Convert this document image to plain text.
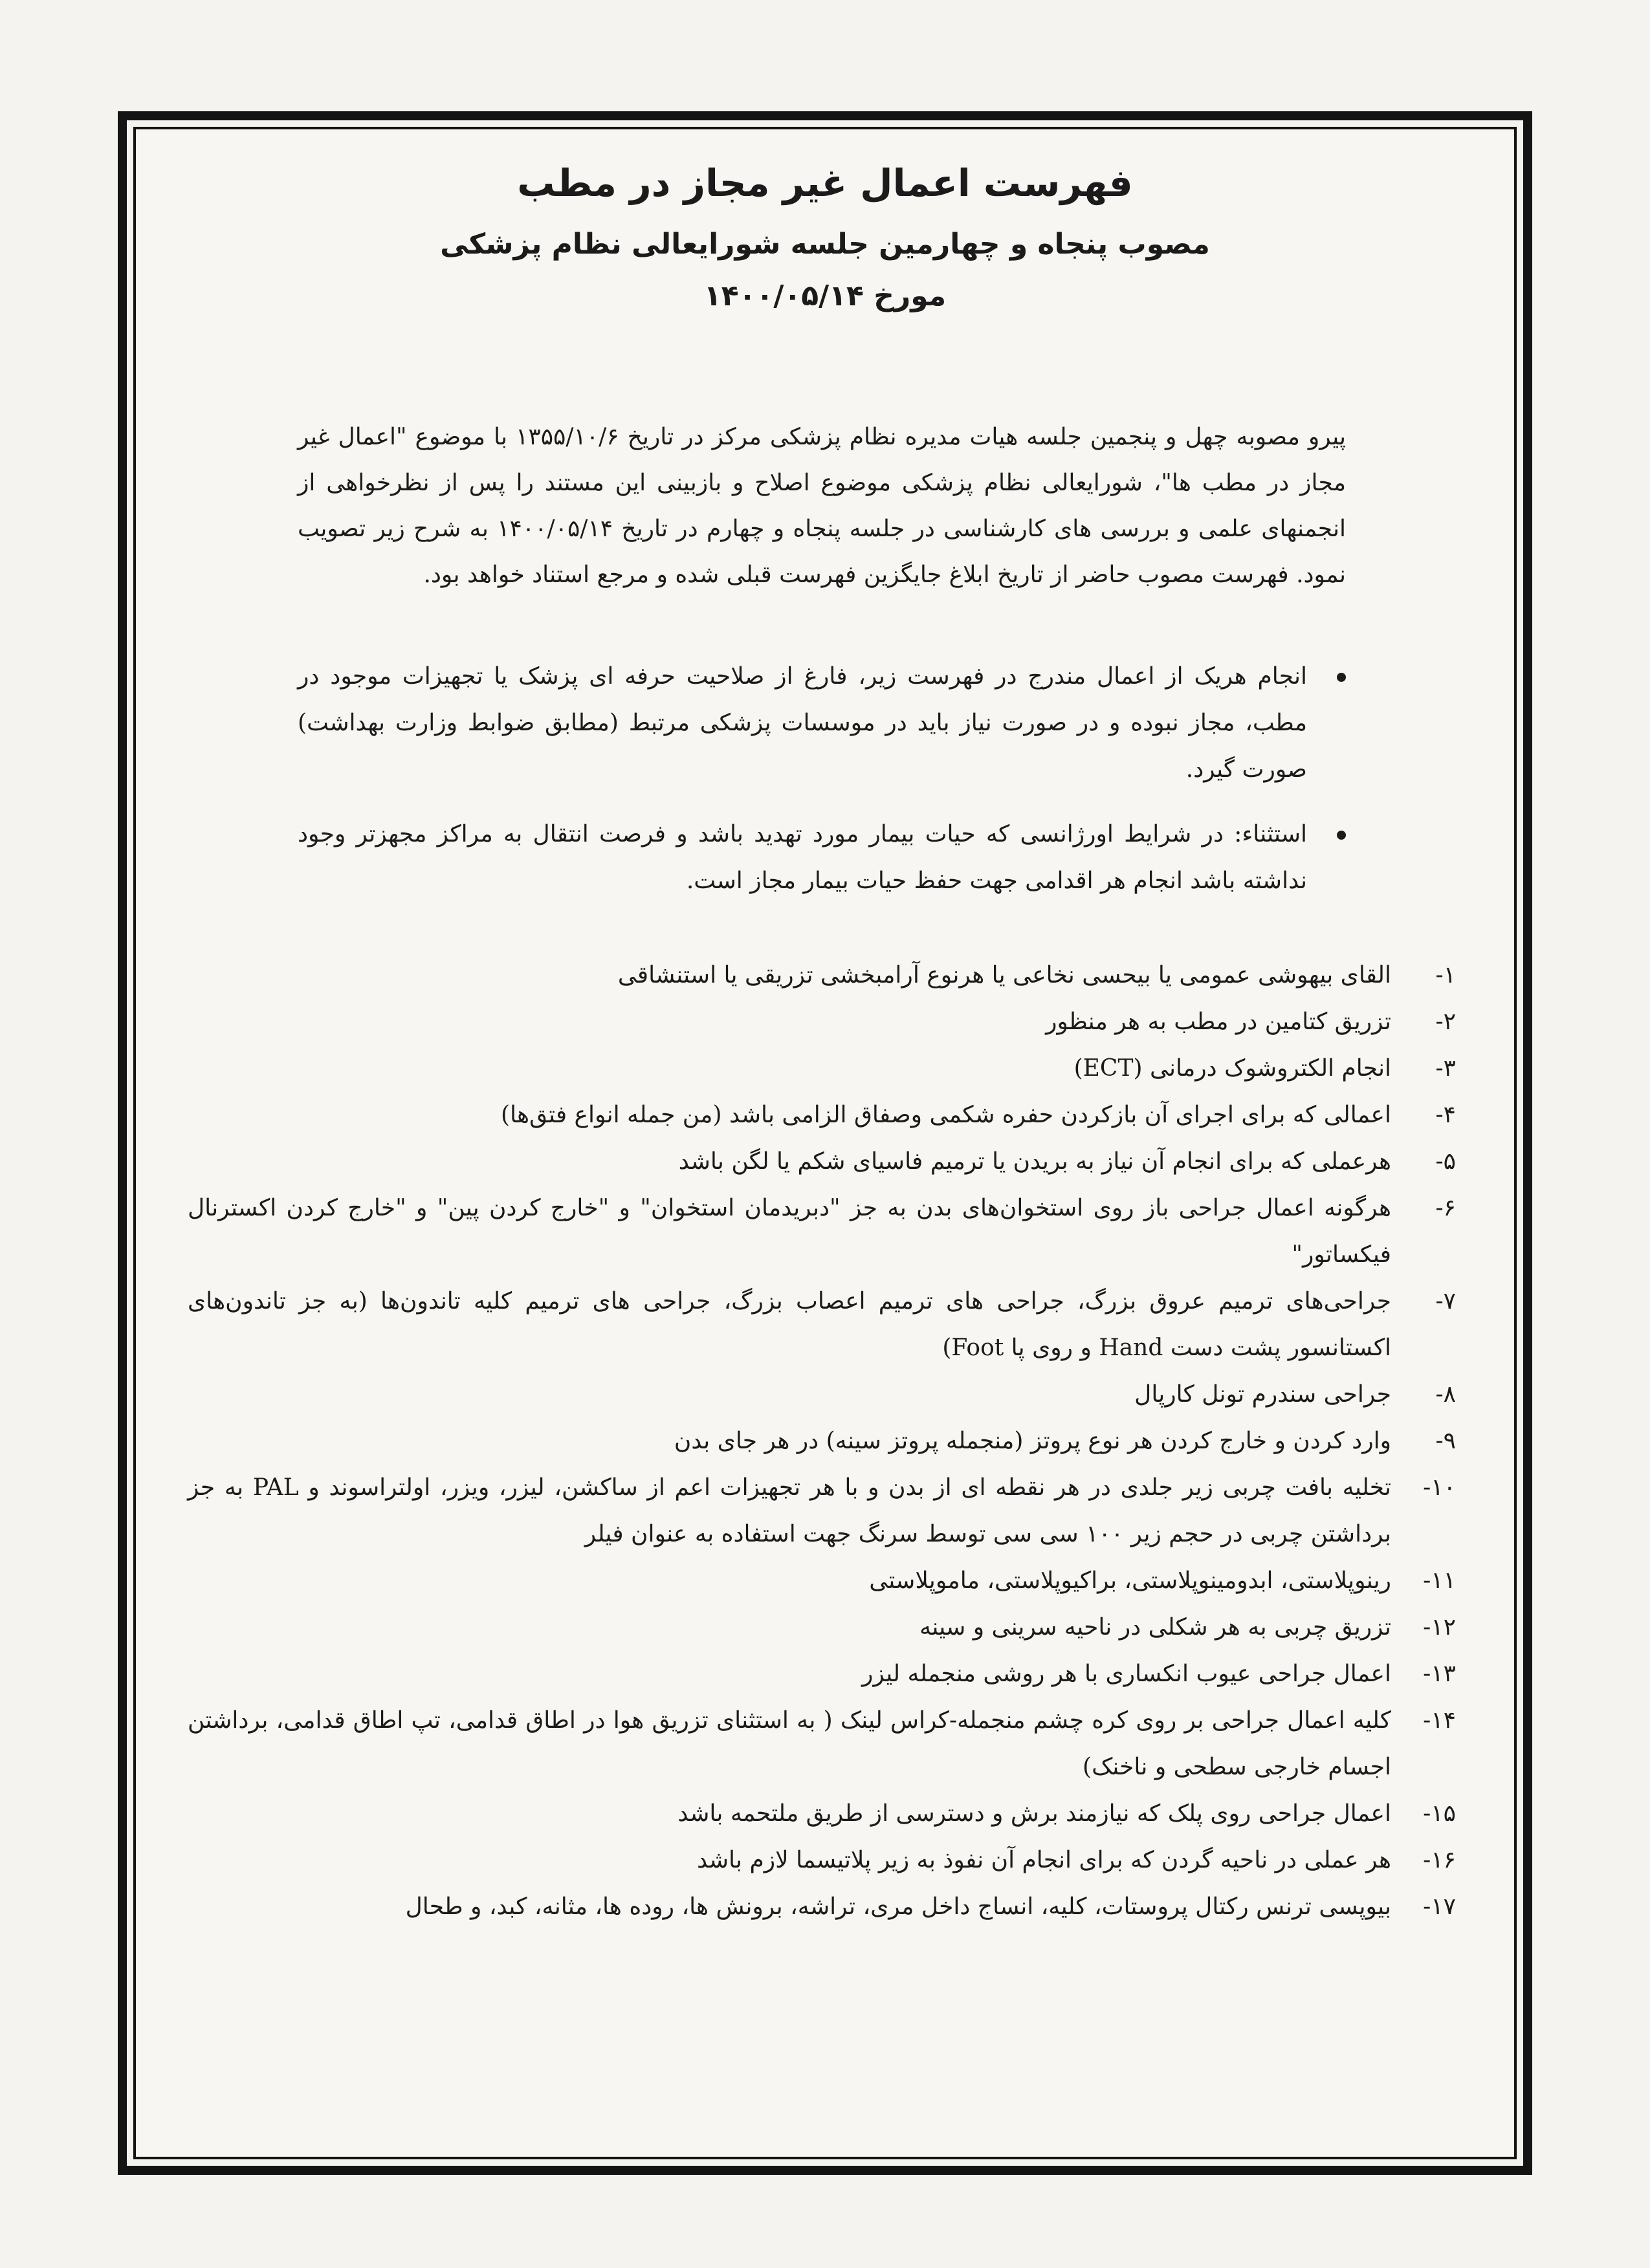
فهرست اعمال غیر مجاز در مطب
مصوب پنجاه و چهارمین جلسه شورایعالی نظام پزشکی
مورخ ۱۴۰۰/۰۵/۱۴

پیرو مصوبه چهل و پنجمین جلسه هیات مدیره نظام پزشکی مرکز در تاریخ ۱۳۵۵/۱۰/۶ با موضوع "اعمال غیر مجاز در مطب ها"، شورایعالی نظام پزشکی موضوع اصلاح و بازبینی این مستند را پس از نظرخواهی از انجمنهای علمی و بررسی های کارشناسی در جلسه پنجاه و چهارم در تاریخ ۱۴۰۰/۰۵/۱۴ به شرح زیر تصویب نمود. فهرست مصوب حاضر از تاریخ ابلاغ جایگزین فهرست قبلی شده و مرجع استناد خواهد بود.

انجام هریک از اعمال مندرج در فهرست زیر، فارغ از صلاحیت حرفه ای پزشک یا تجهیزات موجود در مطب، مجاز نبوده و در صورت نیاز باید در موسسات پزشکی مرتبط (مطابق ضوابط وزارت بهداشت) صورت گیرد.
استثناء: در شرایط اورژانسی که حیات بیمار مورد تهدید باشد و فرصت انتقال به مراکز مجهزتر وجود نداشته باشد انجام هر اقدامی جهت حفظ حیات بیمار مجاز است.
۱-
القای بیهوشی عمومی یا بیحسی نخاعی یا هرنوع آرامبخشی تزریقی یا استنشاقی
۲-
تزریق کتامین در مطب به هر منظور
۳-
انجام الکتروشوک درمانی (ECT)
۴-
اعمالی که برای اجرای آن بازکردن حفره شکمی وصفاق الزامی باشد (من جمله انواع فتق‌ها)
۵-
هرعملی که برای انجام آن نیاز به بریدن یا ترمیم فاسیای شکم یا لگن باشد
۶-
هرگونه اعمال جراحی باز روی استخوان‌های بدن به جز "دبریدمان استخوان" و "خارج کردن پین" و "خارج کردن اکسترنال فیکساتور"
۷-
جراحی‌های ترمیم عروق بزرگ، جراحی های ترمیم اعصاب بزرگ، جراحی های ترمیم کلیه تاندون‌ها (به جز تاندون‌های اکستانسور پشت دست Hand و روی پا Foot)
۸-
جراحی سندرم تونل کارپال
۹-
وارد کردن و خارج کردن هر نوع پروتز (منجمله پروتز سینه) در هر جای بدن
۱۰-
تخلیه بافت چربی زیر جلدی در هر نقطه ای از بدن و با هر تجهیزات اعم از ساکشن، لیزر، ویزر، اولتراسوند و PAL به جز برداشتن چربی در حجم زیر ۱۰۰ سی سی توسط سرنگ جهت استفاده به عنوان فیلر
۱۱-
رینوپلاستی، ابدومینوپلاستی، براکیوپلاستی، ماموپلاستی
۱۲-
تزریق چربی به هر شکلی در ناحیه سرینی و سینه
۱۳-
اعمال جراحی عیوب انکساری با هر روشی منجمله لیزر
۱۴-
کلیه اعمال جراحی بر روی کره چشم منجمله-کراس لینک ( به استثنای تزریق هوا در اطاق قدامی، تپ اطاق قدامی، برداشتن اجسام خارجی سطحی و ناخنک)
۱۵-
اعمال جراحی روی پلک که نیازمند برش و دسترسی از طریق ملتحمه باشد
۱۶-
هر عملی در ناحیه گردن که برای انجام آن نفوذ به زیر پلاتیسما لازم باشد
۱۷-
بیوپسی ترنس رکتال پروستات، کلیه، انساج داخل مری، تراشه، برونش ها، روده ها، مثانه، کبد، و طحال
